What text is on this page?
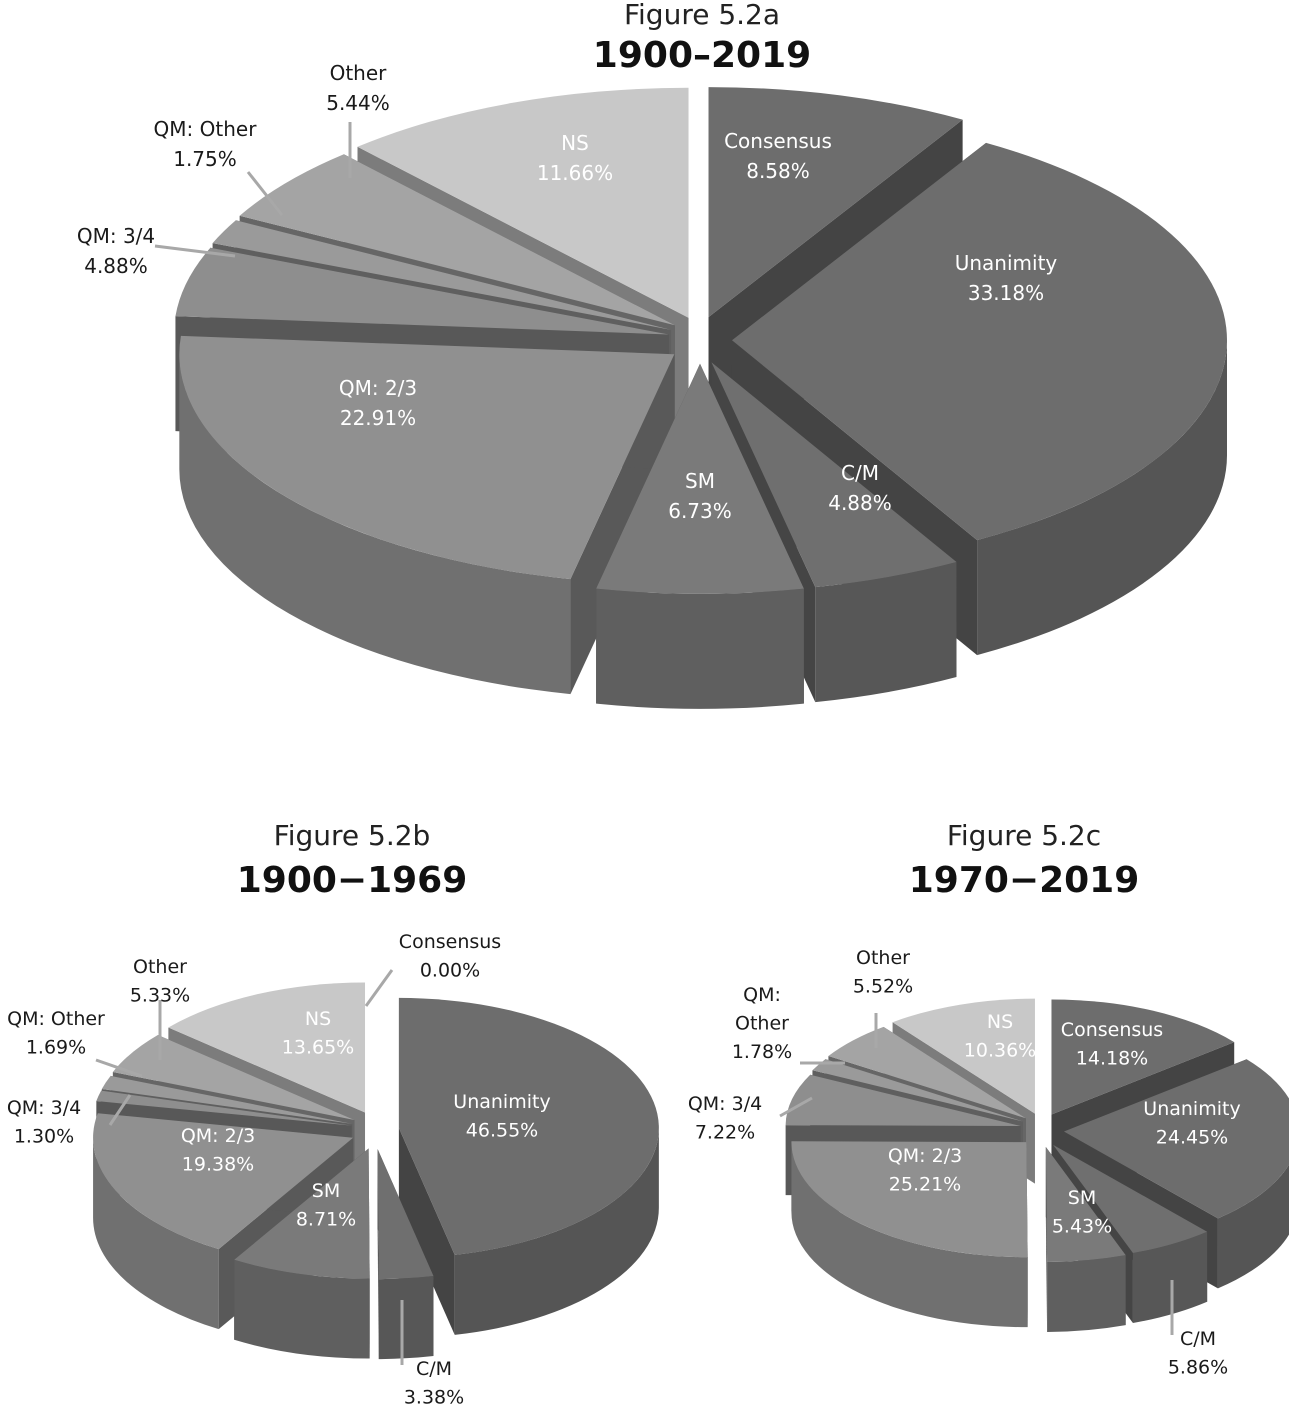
Figure 5.2a
1900–2019
Consensus 8.58%
Unanimity 33.18%
C/M 4.88%
SM 6.73%
QM: 2/3 22.91%
QM: 3/4 4.88%
QM: Other 1.75%
Other 5.44%
NS 11.66%
Figure 5.2b
1900−1969
Consensus 0.00%
Unanimity 46.55%
C/M 3.38%
SM 8.71%
QM: 2/3 19.38%
QM: 3/4 1.30%
QM: Other 1.69%
Other 5.33%
NS 13.65%
Figure 5.2c
1970−2019
Consensus 14.18%
Unanimity 24.45%
C/M 5.86%
SM 5.43%
QM: 2/3 25.21%
QM: 3/4 7.22%
QM: Other 1.78%
Other 5.52%
NS 10.36%
